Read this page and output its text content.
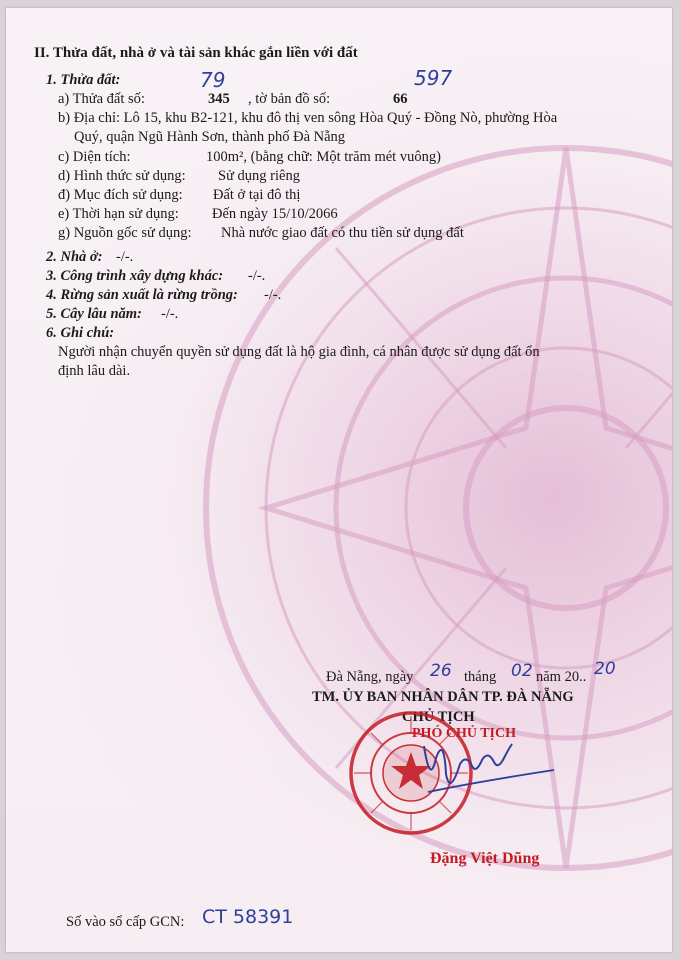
II. Thửa đất, nhà ở và tài sản khác gắn liền với đất
1. Thửa đất:
a) Thửa đất số:	345
79
, tờ bản đồ số:	66
597
b) Địa chỉ: Lô 15, khu B2-121, khu đô thị ven sông Hòa Quý - Đồng Nò, phường Hòa
Quý, quận Ngũ Hành Sơn, thành phố Đà Nẵng
c) Diện tích:	100m², (bằng chữ: Một trăm mét vuông)
d) Hình thức sử dụng: Sử dụng riêng
đ) Mục đích sử dụng: Đất ở tại đô thị
e) Thời hạn sử dụng: Đến ngày 15/10/2066
g) Nguồn gốc sử dụng: Nhà nước giao đất có thu tiền sử dụng đất
2. Nhà ở: -/-.
3. Công trình xây dựng khác: -/-.
4. Rừng sản xuất là rừng trồng: -/-.
5. Cây lâu năm: -/-.
6. Ghi chú:
Người nhận chuyển quyền sử dụng đất là hộ gia đình, cá nhân được sử dụng đất ổn
định lâu dài.
Đà Nẵng, ngày 26 tháng 02 năm 20.. 20
TM. ỦY BAN NHÂN DÂN TP. ĐÀ NẴNG
CHỦ TỊCH
PHÓ CHỦ TỊCH
Đặng Việt Dũng
Số vào sổ cấp GCN: CT 58391
